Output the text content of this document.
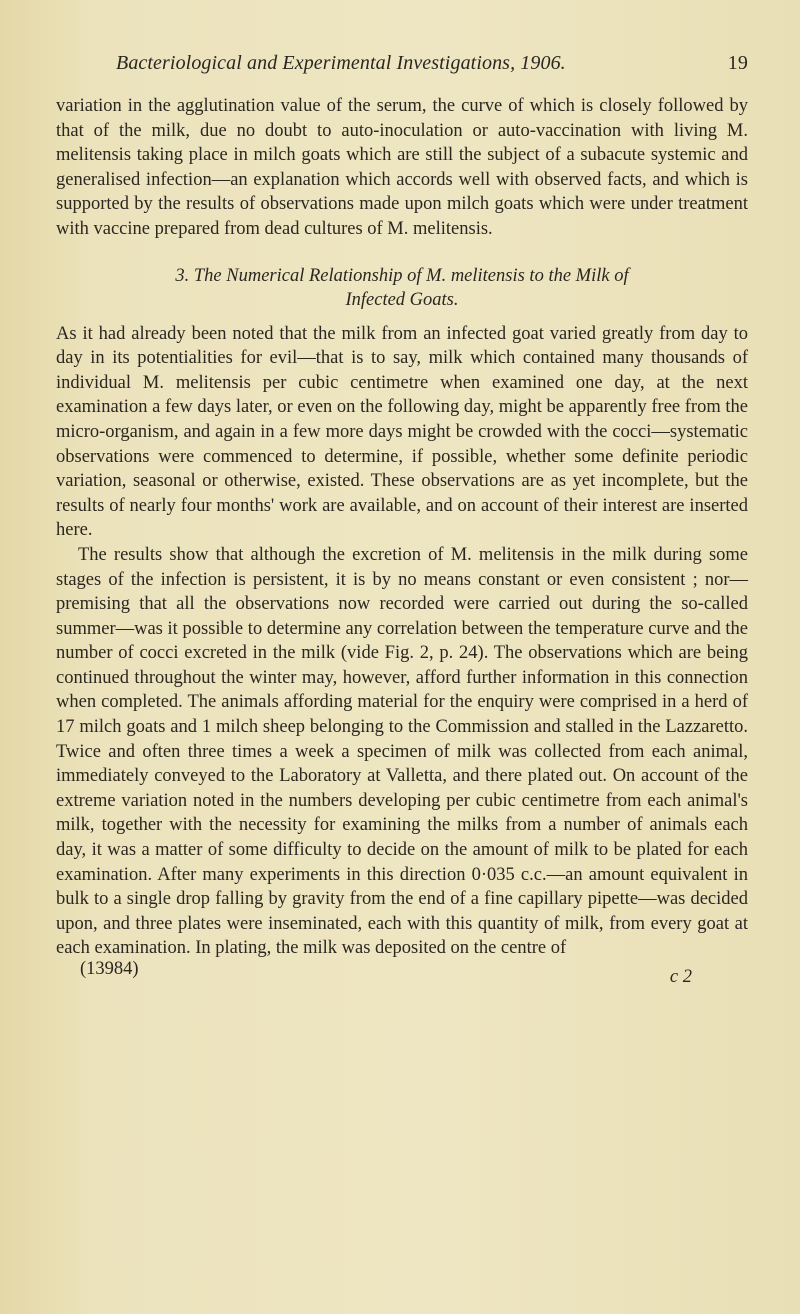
Bacteriological and Experimental Investigations, 1906.	19

variation in the agglutination value of the serum, the curve of which is closely followed by that of the milk, due no doubt to auto-inoculation or auto-vaccination with living M. melitensis taking place in milch goats which are still the subject of a subacute systemic and generalised infection—an explanation which accords well with observed facts, and which is supported by the results of observations made upon milch goats which were under treatment with vaccine prepared from dead cultures of M. melitensis.

3. The Numerical Relationship of M. melitensis to the Milk of
Infected Goats.

As it had already been noted that the milk from an infected goat varied greatly from day to day in its potentialities for evil—that is to say, milk which contained many thousands of individual M. melitensis per cubic centimetre when examined one day, at the next examination a few days later, or even on the following day, might be apparently free from the micro-organism, and again in a few more days might be crowded with the cocci—systematic observations were commenced to determine, if possible, whether some definite periodic variation, seasonal or otherwise, existed. These observations are as yet incomplete, but the results of nearly four months' work are available, and on account of their interest are inserted here.

The results show that although the excretion of M. melitensis in the milk during some stages of the infection is persistent, it is by no means constant or even consistent ; nor—premising that all the observations now recorded were carried out during the so-called summer—was it possible to determine any correlation between the temperature curve and the number of cocci excreted in the milk (vide Fig. 2, p. 24). The observations which are being continued throughout the winter may, however, afford further information in this connection when completed. The animals affording material for the enquiry were comprised in a herd of 17 milch goats and 1 milch sheep belonging to the Commission and stalled in the Lazzaretto. Twice and often three times a week a specimen of milk was collected from each animal, immediately conveyed to the Laboratory at Valletta, and there plated out. On account of the extreme variation noted in the numbers developing per cubic centimetre from each animal's milk, together with the necessity for examining the milks from a number of animals each day, it was a matter of some difficulty to decide on the amount of milk to be plated for each examination. After many experiments in this direction 0·035 c.c.—an amount equivalent in bulk to a single drop falling by gravity from the end of a fine capillary pipette—was decided upon, and three plates were inseminated, each with this quantity of milk, from every goat at each examination. In plating, the milk was deposited on the centre of

(13984)	c 2
